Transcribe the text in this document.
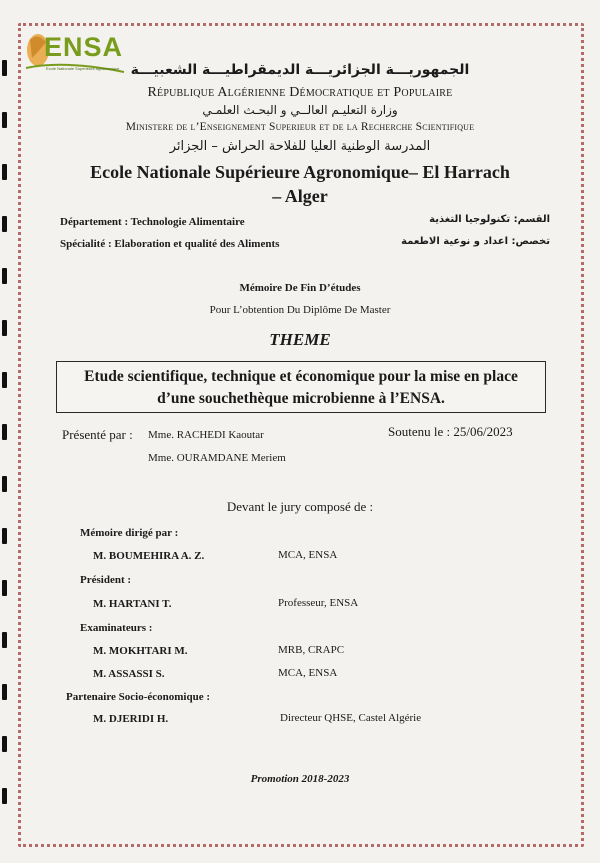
ENSA
Ecole Nationale Supérieure Agronomique الجمهوريـــة الجزائريـــة الديمقراطيـــة الشعبيـــة
République Algérienne Démocratique et Populaire
وزارة التعليـم العالــي و البحـث العلمـي
Ministere de l’Enseignement Superieur et de la Recherche Scientifique
المدرسة الوطنية العليا للفلاحة الحراش – الجزائر
Ecole Nationale Supérieure Agronomique– El Harrach – Alger
Département : Technologie Alimentaire	القسم: تكنولوجيا التغذية
Spécialité : Elaboration et qualité des Aliments	تخصص: اعداد و نوعية الاطعمة
Mémoire De Fin D’études
Pour L’obtention Du Diplôme De Master
THEME
Etude scientifique, technique et économique pour la mise en place
d’une souchethèque microbienne à l’ENSA.
Présenté par : Mme. RACHEDI Kaoutar	Soutenu le : 25/06/2023
Mme. OURAMDANE Meriem
Devant le jury composé de :
Mémoire dirigé par :
M. BOUMEHIRA A. Z.	MCA, ENSA
Président :
M. HARTANI T.	Professeur, ENSA
Examinateurs :
M. MOKHTARI M.	MRB, CRAPC
M. ASSASSI S.	MCA, ENSA
Partenaire Socio-économique :
M. DJERIDI H.	Directeur QHSE, Castel Algérie
Promotion 2018-2023
